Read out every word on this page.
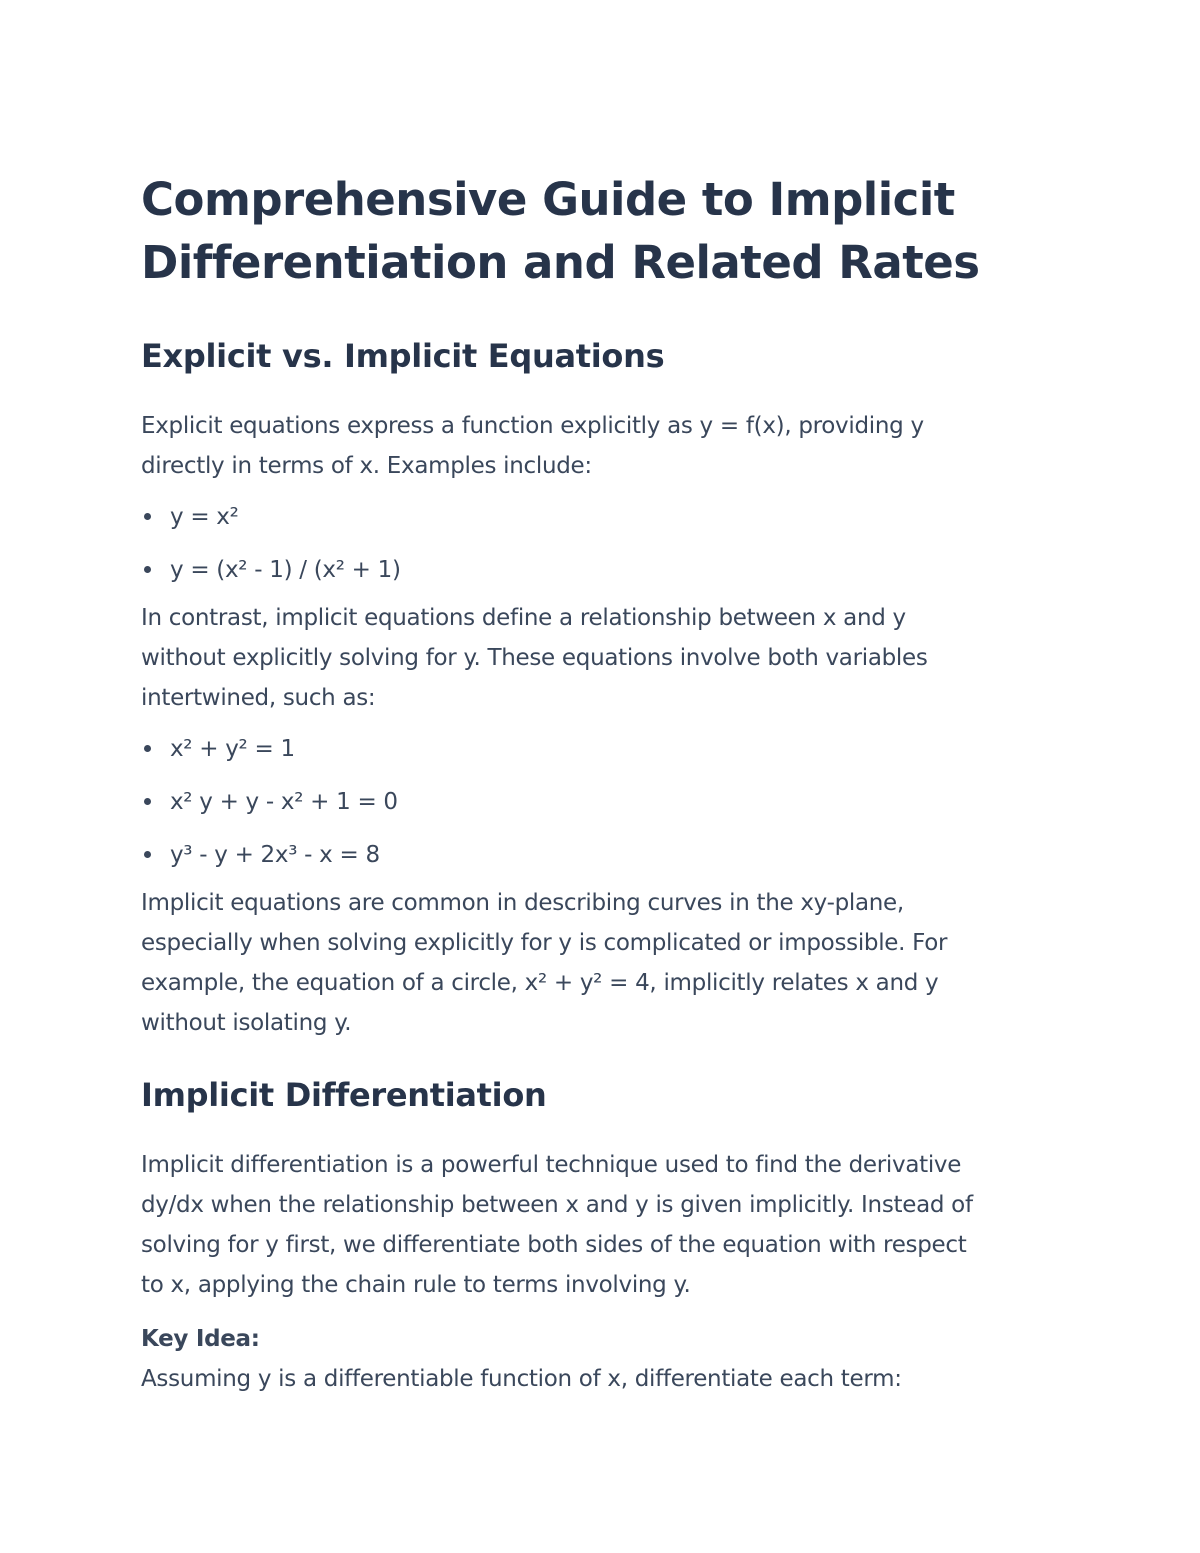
Comprehensive Guide to Implicit
Differentiation and Related Rates
Explicit vs. Implicit Equations

Explicit equations express a function explicitly as y = f(x), providing y
directly in terms of x. Examples include:

y = x²
y = (x² - 1) / (x² + 1)

In contrast, implicit equations define a relationship between x and y
without explicitly solving for y. These equations involve both variables
intertwined, such as:

x² + y² = 1
x² y + y - x² + 1 = 0
y³ - y + 2x³ - x = 8

Implicit equations are common in describing curves in the xy-plane,
especially when solving explicitly for y is complicated or impossible. For
example, the equation of a circle, x² + y² = 4, implicitly relates x and y
without isolating y.

Implicit Differentiation

Implicit differentiation is a powerful technique used to find the derivative
dy/dx when the relationship between x and y is given implicitly. Instead of
solving for y first, we differentiate both sides of the equation with respect
to x, applying the chain rule to terms involving y.

Key Idea:

Assuming y is a differentiable function of x, differentiate each term:
